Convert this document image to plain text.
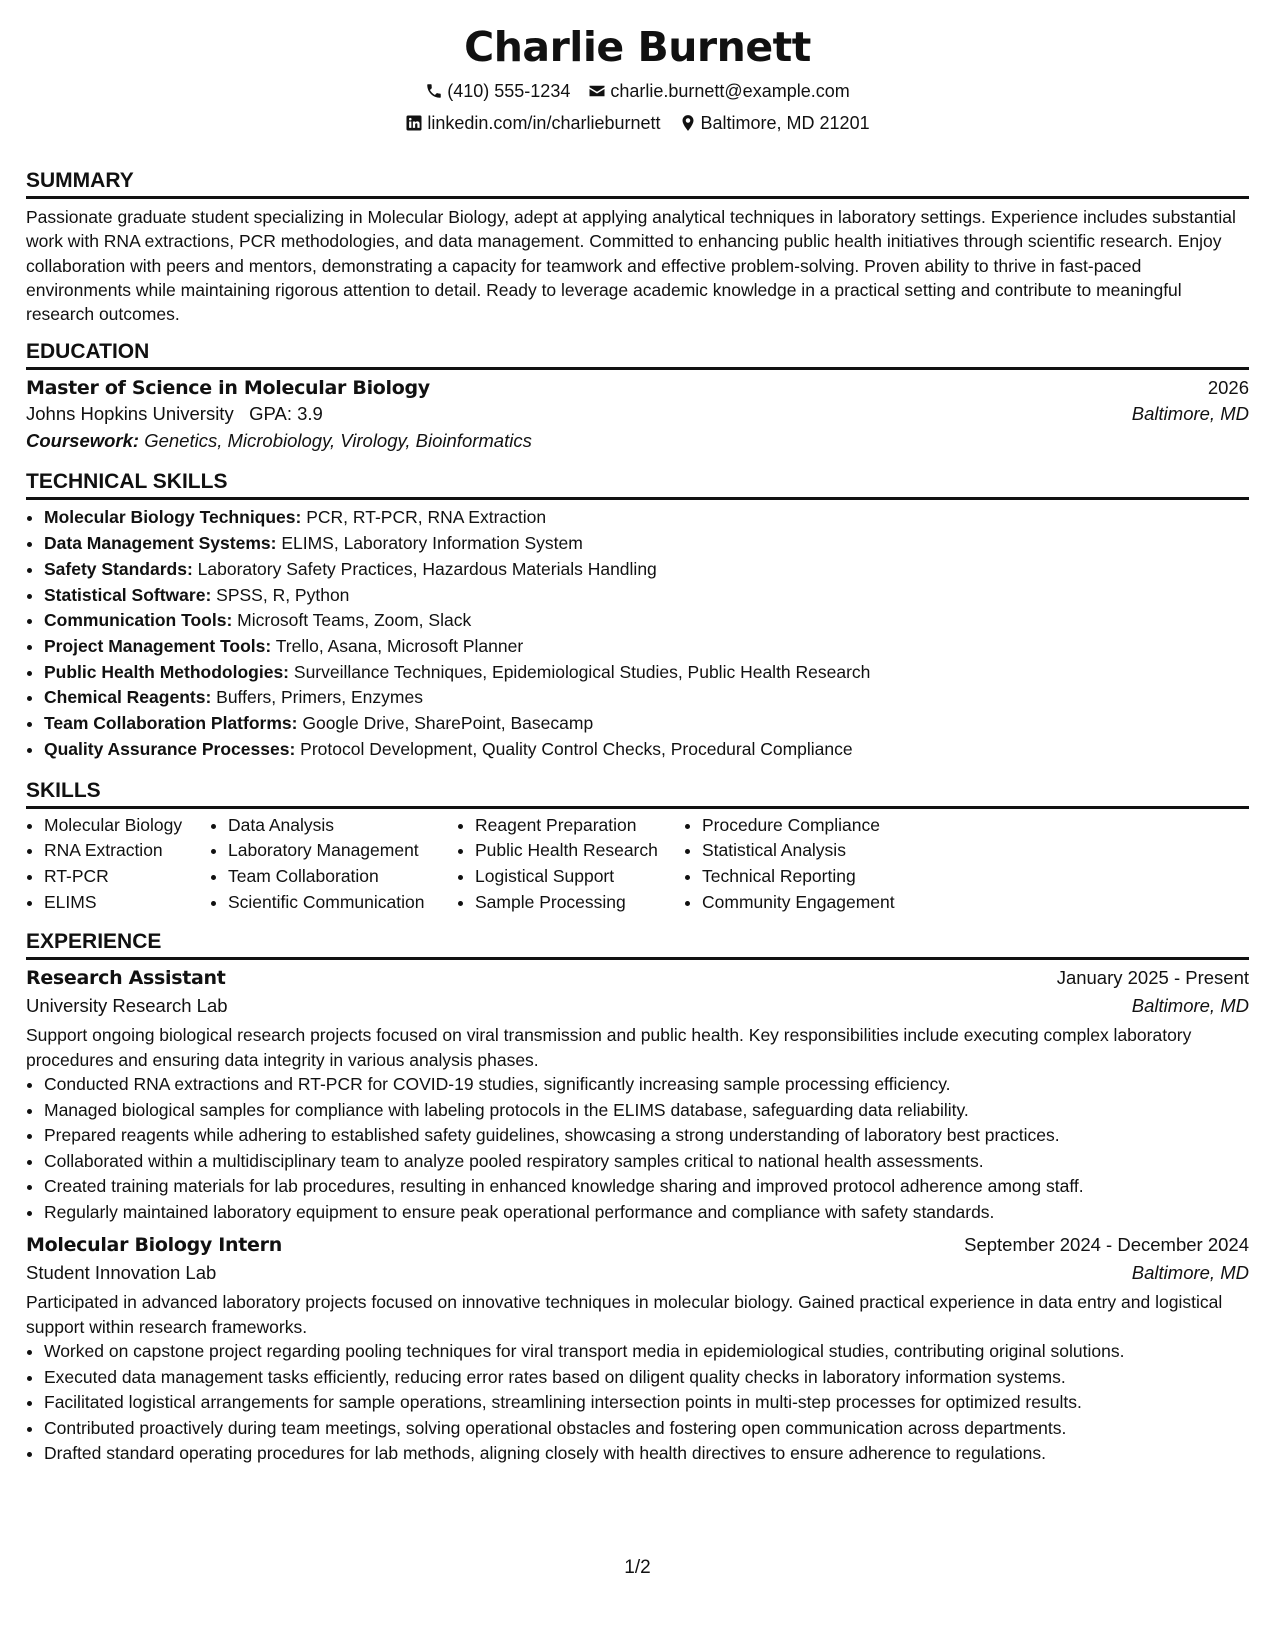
Charlie Burnett
(410) 555-1234 charlie.burnett@example.com
linkedin.com/in/charlieburnett Baltimore, MD 21201
SUMMARY

Passionate graduate student specializing in Molecular Biology, adept at applying analytical techniques in laboratory settings. Experience includes substantial work with RNA extractions, PCR methodologies, and data management. Committed to enhancing public health initiatives through scientific research. Enjoy collaboration with peers and mentors, demonstrating a capacity for teamwork and effective problem-solving. Proven ability to thrive in fast-paced environments while maintaining rigorous attention to detail. Ready to leverage academic knowledge in a practical setting and contribute to meaningful research outcomes.

EDUCATION
Master of Science in Molecular Biology	2026
Johns Hopkins University GPA: 3.9	Baltimore, MD
Coursework: Genetics, Microbiology, Virology, Bioinformatics
TECHNICAL SKILLS
• Molecular Biology Techniques: PCR, RT-PCR, RNA Extraction
• Data Management Systems: ELIMS, Laboratory Information System
• Safety Standards: Laboratory Safety Practices, Hazardous Materials Handling
• Statistical Software: SPSS, R, Python
• Communication Tools: Microsoft Teams, Zoom, Slack
• Project Management Tools: Trello, Asana, Microsoft Planner
• Public Health Methodologies: Surveillance Techniques, Epidemiological Studies, Public Health Research
• Chemical Reagents: Buffers, Primers, Enzymes
• Team Collaboration Platforms: Google Drive, SharePoint, Basecamp
• Quality Assurance Processes: Protocol Development, Quality Control Checks, Procedural Compliance
SKILLS
• Molecular Biology
• RNA Extraction
• RT-PCR
• ELIMS
• Data Analysis
• Laboratory Management
• Team Collaboration
• Scientific Communication
• Reagent Preparation
• Public Health Research
• Logistical Support
• Sample Processing
• Procedure Compliance
• Statistical Analysis
• Technical Reporting
• Community Engagement
EXPERIENCE
Research Assistant	January 2025 - Present
University Research Lab	Baltimore, MD

Support ongoing biological research projects focused on viral transmission and public health. Key responsibilities include executing complex laboratory procedures and ensuring data integrity in various analysis phases.

• Conducted RNA extractions and RT-PCR for COVID-19 studies, significantly increasing sample processing efficiency.
• Managed biological samples for compliance with labeling protocols in the ELIMS database, safeguarding data reliability.
• Prepared reagents while adhering to established safety guidelines, showcasing a strong understanding of laboratory best practices.
• Collaborated within a multidisciplinary team to analyze pooled respiratory samples critical to national health assessments.
• Created training materials for lab procedures, resulting in enhanced knowledge sharing and improved protocol adherence among staff.
• Regularly maintained laboratory equipment to ensure peak operational performance and compliance with safety standards.
Molecular Biology Intern	September 2024 - December 2024
Student Innovation Lab	Baltimore, MD

Participated in advanced laboratory projects focused on innovative techniques in molecular biology. Gained practical experience in data entry and logistical support within research frameworks.

• Worked on capstone project regarding pooling techniques for viral transport media in epidemiological studies, contributing original solutions.
• Executed data management tasks efficiently, reducing error rates based on diligent quality checks in laboratory information systems.
• Facilitated logistical arrangements for sample operations, streamlining intersection points in multi-step processes for optimized results.
• Contributed proactively during team meetings, solving operational obstacles and fostering open communication across departments.
• Drafted standard operating procedures for lab methods, aligning closely with health directives to ensure adherence to regulations.
1/2
